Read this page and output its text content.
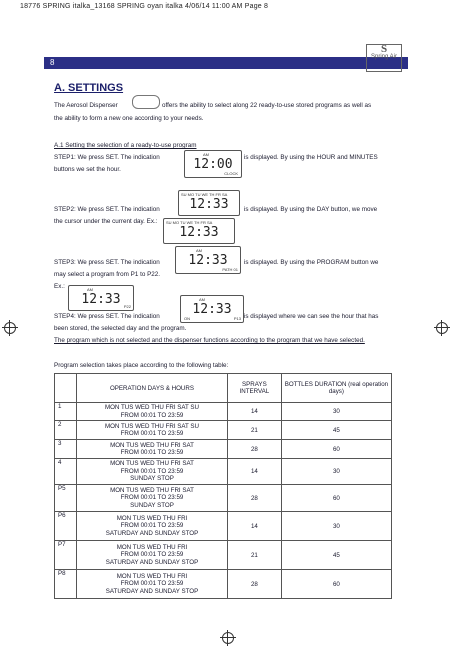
18776 SPRING italka_13168 SPRING oyan italka 4/06/14 11:00 AM Page 8
8
S
Spring Air
A. SETTINGS
The Aerosol Dispenser	offers the ability to select along 22 ready-to-use stored programs as well as
the ability to form a new one according to your needs.
A.1 Setting the selection of a ready-to-use program
STEP1: We press SET. The indication	AM
12:00
CLOCK
is displayed. By using the HOUR and MINUTES
buttons we set the hour.
SU MO TU WE TH FR SA
12:33
STEP2: We press SET. The indication	is displayed. By using the DAY button, we move
the cursor under the current day. Ex.: SU MO TU WE TH FR SA
12:33
AM
12:33
PATH 01
STEP3: We press SET. The indication	is displayed. By using the PROGRAM button we
may select a program from P1 to P22.
Ex.:	AM
12:33 P22
AM
ON
12:33
P13
STEP4: We press SET. The indication	is displayed where we can see the hour that has
been stored, the selected day and the program.
The program which is not selected and the dispenser functions according to the program that we have selected.
Program selection takes place according to the following table:
	OPERATION DAYS & HOURS	SPRAYS INTERVAL	BOTTLES DURATION (real operation days)
1	MON TUS WED THU FRI SAT SU
FROM 00:01 TO 23:59	14	30
2	MON TUS WED THU FRI SAT SU
FROM 00:01 TO 23:59	21	45
3	MON TUS WED THU FRI SAT
FROM 00:01 TO 23:59	28	60
4	MON TUS WED THU FRI SAT
FROM 00:01 TO 23:59
SUNDAY STOP	14	30
P5	MON TUS WED THU FRI SAT
FROM 00:01 TO 23:59
SUNDAY STOP	28	60
P6	MON TUS WED THU FRI
FROM 00:01 TO 23:59
SATURDAY AND SUNDAY STOP	14	30
P7	MON TUS WED THU FRI
FROM 00:01 TO 23:59
SATURDAY AND SUNDAY STOP	21	45
P8	MON TUS WED THU FRI
FROM 00:01 TO 23:59
SATURDAY AND SUNDAY STOP	28	60
